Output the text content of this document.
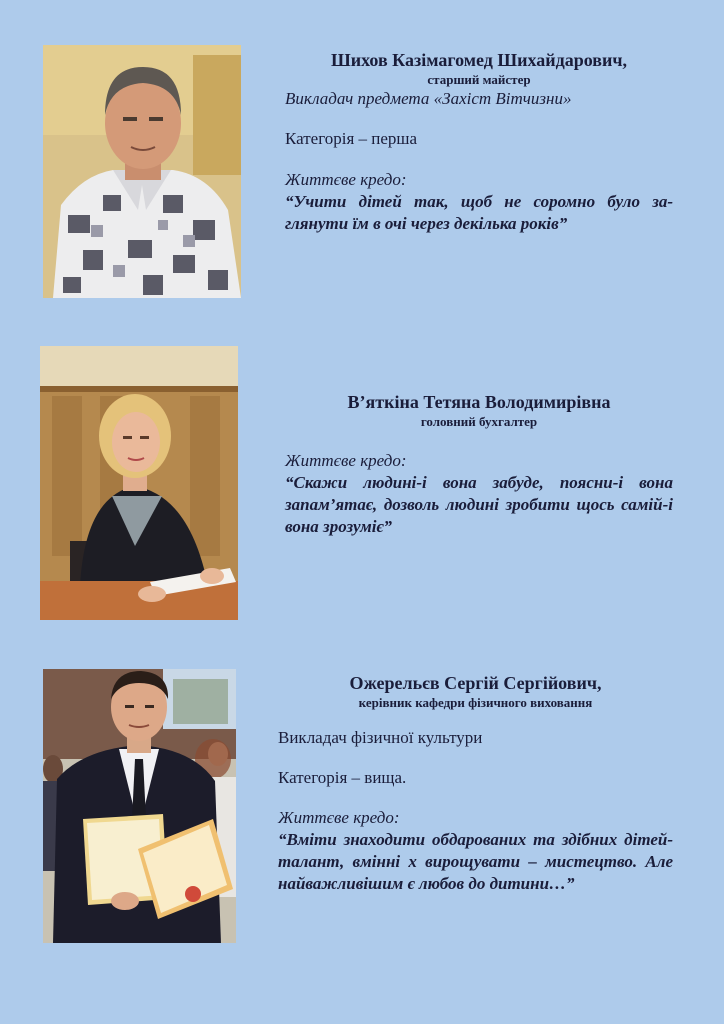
Шихов Казімагомед Шихайдарович,
старший майстер
Викладач предмета «Захіст Вітчизни»
Категорія – перша
Життєве кредо:
“Учити дітей так, щоб не соромно було за-глянути їм в очі через декілька років”
В’яткіна Тетяна Володимирівна
головний бухгалтер
Життєве кредо:
“Скажи людині-і вона забуде, поясни-і вона запам’ятає, дозволь людині зробити щось самій-і вона зрозуміє”
Ожерельєв Сергій Сергійович,
керівник кафедри фізичного виховання
Викладач фізичної культури
Категорія – вища.
Життєве кредо:
“Вміти знаходити обдарованих та здібних дітей-талант, вмінні х вирощувати – мистецтво. Але найважливішим є любов до дитини…”
